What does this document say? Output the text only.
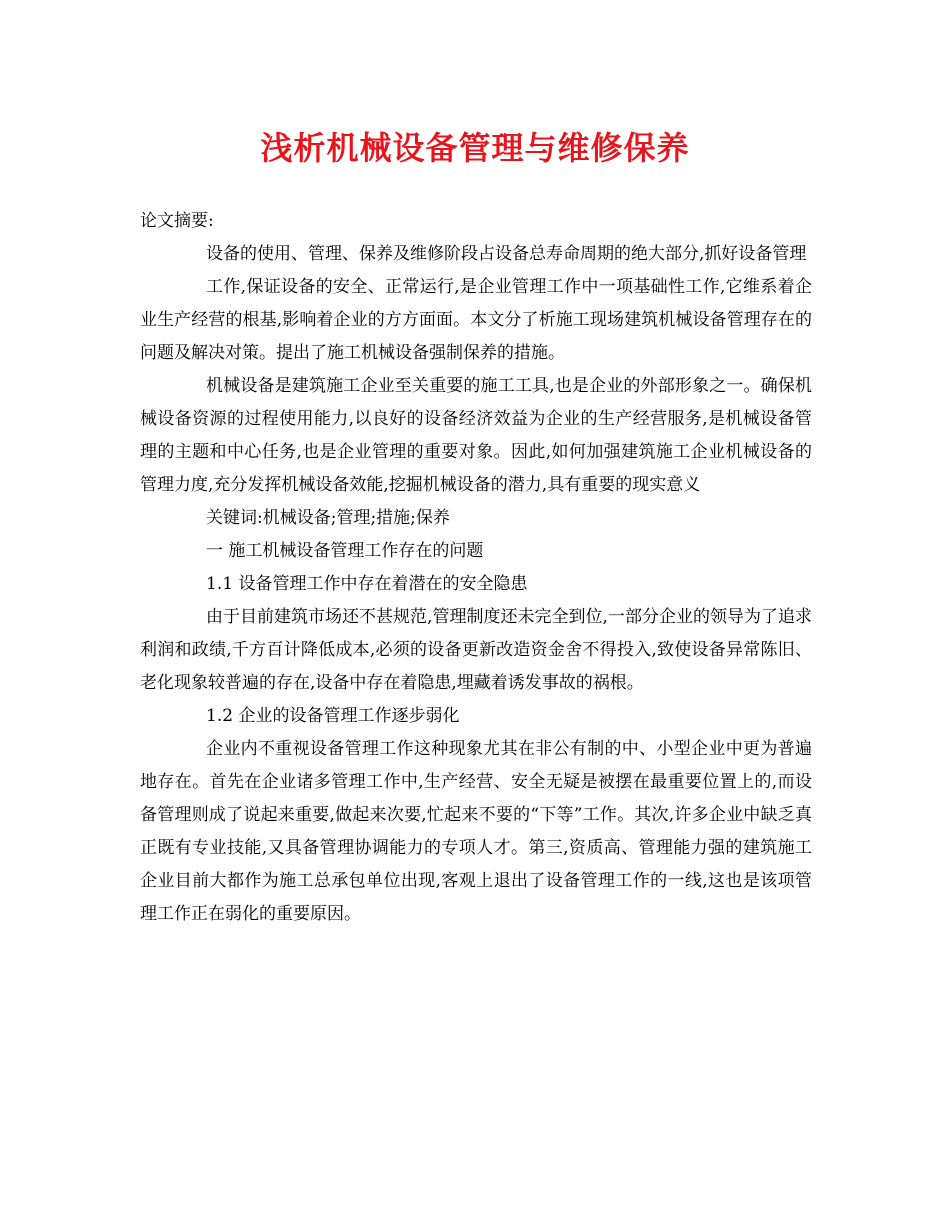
浅析机械设备管理与维修保养

论文摘要:

设备的使用、管理、保养及维修阶段占设备总寿命周期的绝大部分,抓好设备管理

工作,保证设备的安全、正常运行,是企业管理工作中一项基础性工作,它维系着企业生产经营的根基,影响着企业的方方面面。本文分了析施工现场建筑机械设备管理存在的问题及解决对策。提出了施工机械设备强制保养的措施。

机械设备是建筑施工企业至关重要的施工工具,也是企业的外部形象之一。确保机械设备资源的过程使用能力,以良好的设备经济效益为企业的生产经营服务,是机械设备管理的主题和中心任务,也是企业管理的重要对象。因此,如何加强建筑施工企业机械设备的管理力度,充分发挥机械设备效能,挖掘机械设备的潜力,具有重要的现实意义

关键词:机械设备;管理;措施;保养

一 施工机械设备管理工作存在的问题

1.1 设备管理工作中存在着潜在的安全隐患

由于目前建筑市场还不甚规范,管理制度还未完全到位,一部分企业的领导为了追求利润和政绩,千方百计降低成本,必须的设备更新改造资金舍不得投入,致使设备异常陈旧、老化现象较普遍的存在,设备中存在着隐患,埋藏着诱发事故的祸根。

1.2 企业的设备管理工作逐步弱化

企业内不重视设备管理工作这种现象尤其在非公有制的中、小型企业中更为普遍地存在。首先在企业诸多管理工作中,生产经营、安全无疑是被摆在最重要位置上的,而设备管理则成了说起来重要,做起来次要,忙起来不要的“下等”工作。其次,许多企业中缺乏真正既有专业技能,又具备管理协调能力的专项人才。第三,资质高、管理能力强的建筑施工企业目前大都作为施工总承包单位出现,客观上退出了设备管理工作的一线,这也是该项管理工作正在弱化的重要原因。
